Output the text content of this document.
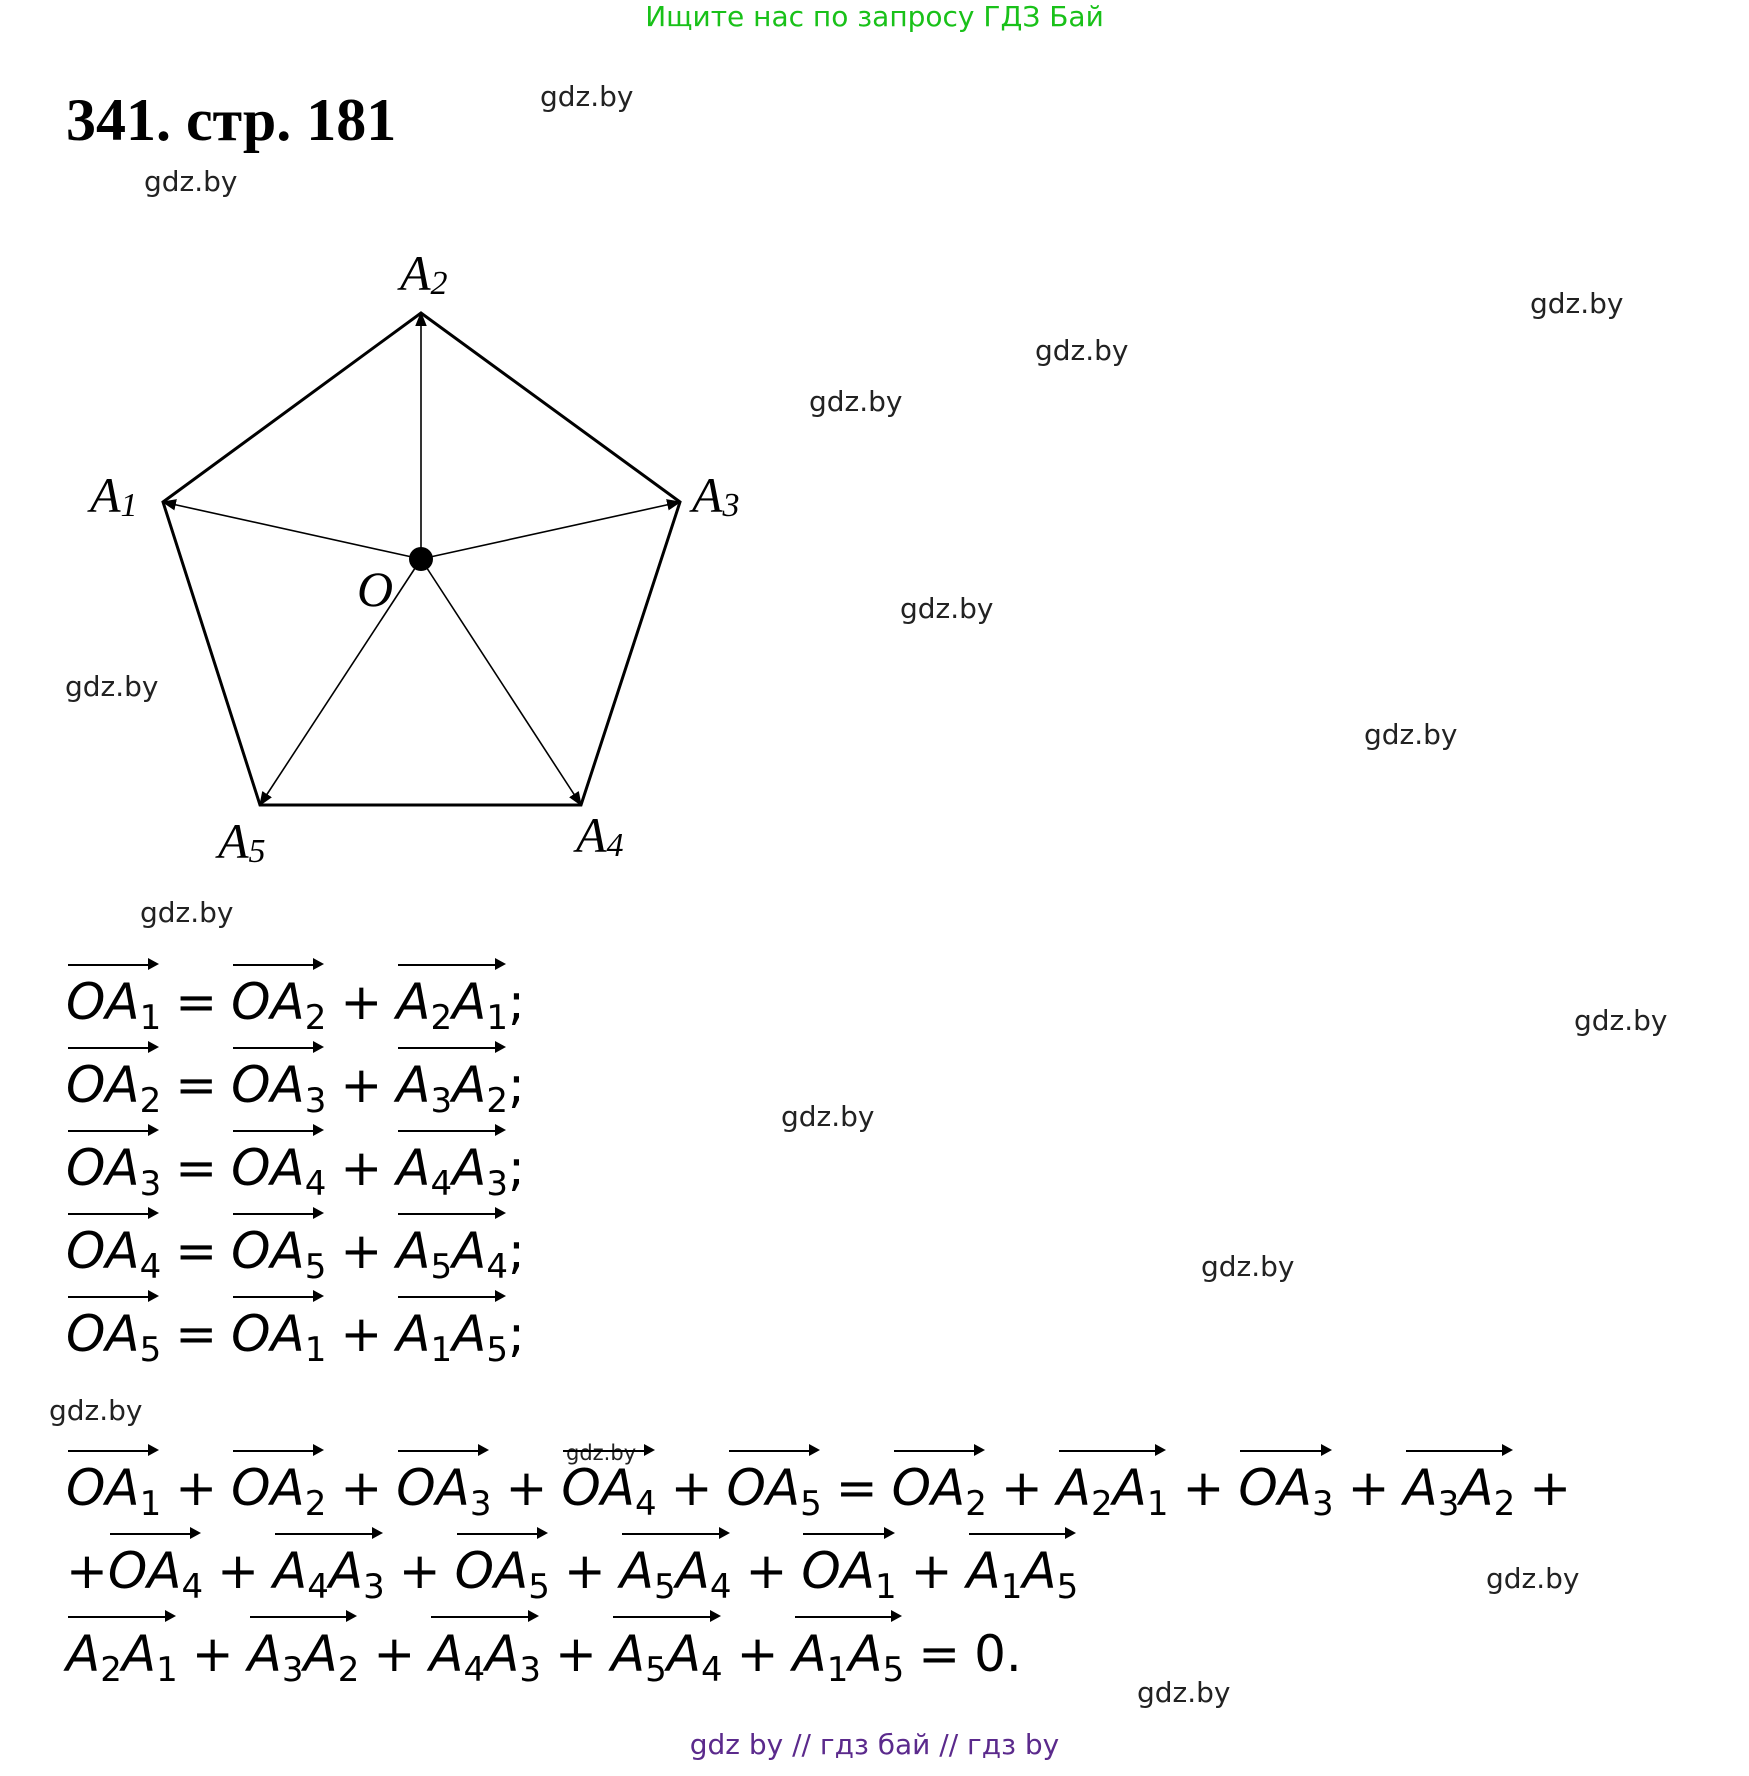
Ищите нас по запросу ГДЗ Бай
341. стр. 181	gdz.by
gdz.by
gdz.by
gdz.by
gdz.by
gdz.by
gdz.by
gdz.by
gdz.by
gdz.by
gdz.by
gdz.by
gdz.by
gdz.by
gdz.by
gdz.by
O
A2
A1	A3
A4
A5
$OA_1 = OA_2 + A_2A_1$;
$OA_2 = OA_3 + A_3A_2$;
$OA_3 = OA_4 + A_4A_3$;
$OA_4 = OA_5 + A_5A_4$;
$OA_5 = OA_1 + A_1A_5$;
$OA_1 + OA_2 + OA_3 + OA_4 + OA_5 = OA_2 + A_2A_1 + OA_3 + A_3A_2$ +
$+OA_4 + A_4A_3 + OA_5 + A_5A_4 + OA_1 + A_1A_5$
$A_2A_1 + A_3A_2 + A_4A_3 + A_5A_4 + A_1A_5 = 0$.
gdz by // гдз бай // гдз by
